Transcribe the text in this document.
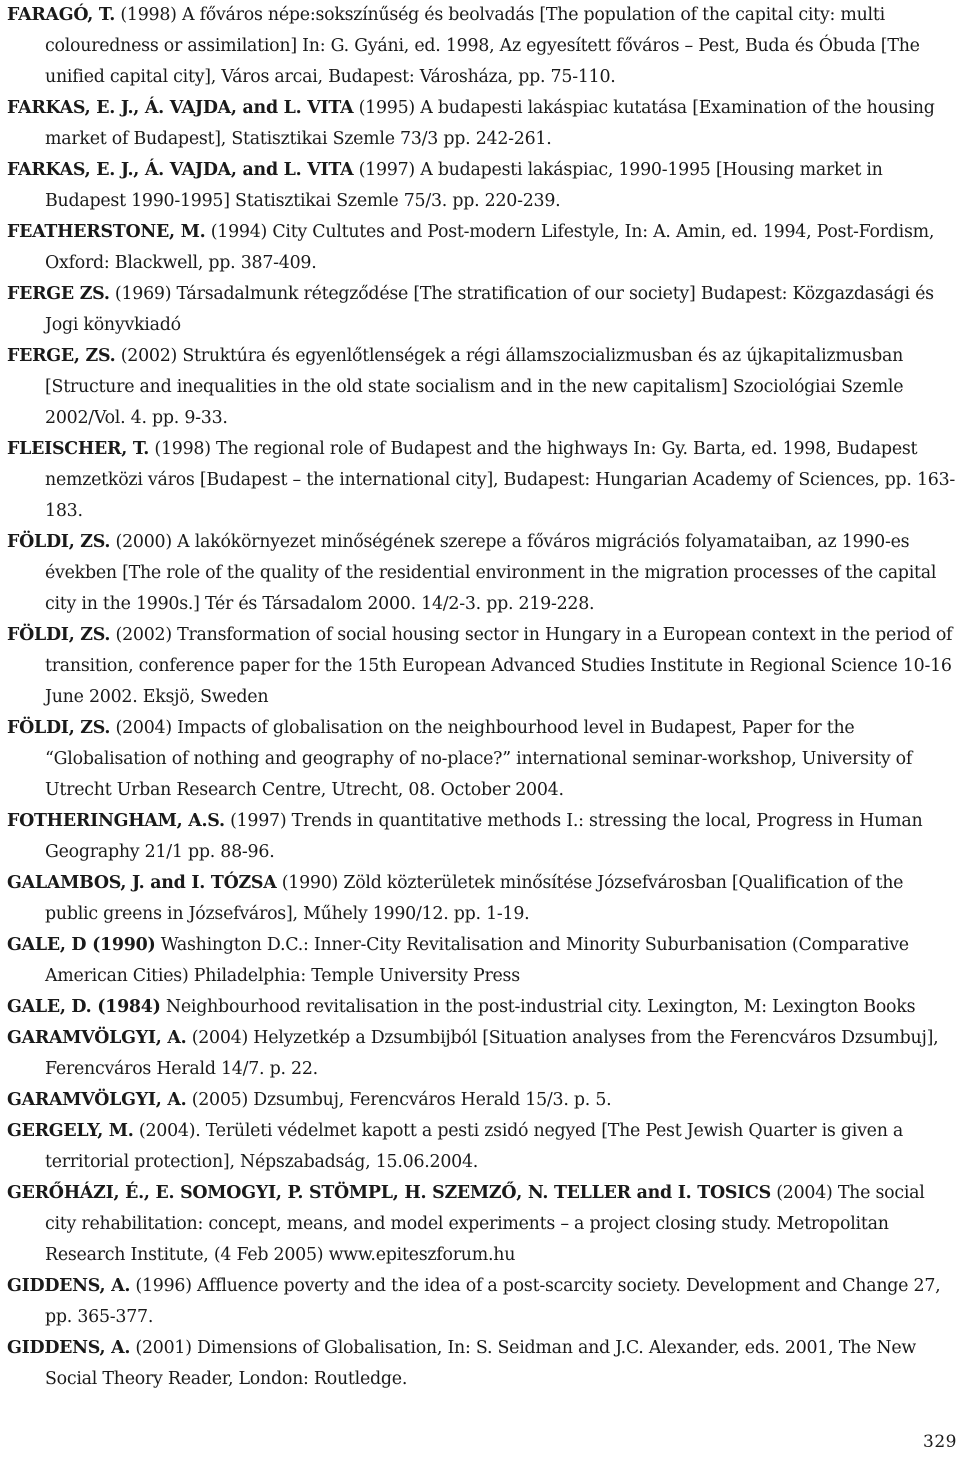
FARAGÓ, T. (1998) A főváros népe:sokszínűség és beolvadás [The population of the capital city: multi colouredness or assimilation] In: G. Gyáni, ed. 1998, Az egyesített főváros – Pest, Buda és Óbuda [The unified capital city], Város arcai, Budapest: Városháza, pp. 75-110.

FARKAS, E. J., Á. VAJDA, and L. VITA (1995) A budapesti lakáspiac kutatása [Examination of the housing market of Budapest], Statisztikai Szemle 73/3 pp. 242-261.

FARKAS, E. J., Á. VAJDA, and L. VITA (1997) A budapesti lakáspiac, 1990-1995 [Housing market in Budapest 1990-1995] Statisztikai Szemle 75/3. pp. 220-239.

FEATHERSTONE, M. (1994) City Cultutes and Post-modern Lifestyle, In: A. Amin, ed. 1994, Post-Fordism, Oxford: Blackwell, pp. 387-409.

FERGE ZS. (1969) Társadalmunk rétegződése [The stratification of our society] Budapest: Közgazdasági és Jogi könyvkiadó

FERGE, ZS. (2002) Struktúra és egyenlőtlenségek a régi államszocializmusban és az újkapitalizmusban [Structure and inequalities in the old state socialism and in the new capitalism] Szociológiai Szemle 2002/Vol. 4. pp. 9-33.

FLEISCHER, T. (1998) The regional role of Budapest and the highways In: Gy. Barta, ed. 1998, Budapest nemzetközi város [Budapest – the international city], Budapest: Hungarian Academy of Sciences, pp. 163-183.

FÖLDI, ZS. (2000) A lakókörnyezet minőségének szerepe a főváros migrációs folyamataiban, az 1990-es években [The role of the quality of the residential environment in the migration processes of the capital city in the 1990s.] Tér és Társadalom 2000. 14/2-3. pp. 219-228.

FÖLDI, ZS. (2002) Transformation of social housing sector in Hungary in a European context in the period of transition, conference paper for the 15th European Advanced Studies Institute in Regional Science 10-16 June 2002. Eksjö, Sweden

FÖLDI, ZS. (2004) Impacts of globalisation on the neighbourhood level in Budapest, Paper for the “Globalisation of nothing and geography of no-place?” international seminar-workshop, University of Utrecht Urban Research Centre, Utrecht, 08. October 2004.

FOTHERINGHAM, A.S. (1997) Trends in quantitative methods I.: stressing the local, Progress in Human Geography 21/1 pp. 88-96.

GALAMBOS, J. and I. TÓZSA (1990) Zöld közterületek minősítése Józsefvárosban [Qualification of the public greens in Józsefváros], Műhely 1990/12. pp. 1-19.

GALE, D (1990) Washington D.C.: Inner-City Revitalisation and Minority Suburbanisation (Comparative American Cities) Philadelphia: Temple University Press

GALE, D. (1984) Neighbourhood revitalisation in the post-industrial city. Lexington, M: Lexington Books

GARAMVÖLGYI, A. (2004) Helyzetkép a Dzsumbijból [Situation analyses from the Ferencváros Dzsumbuj], Ferencváros Herald 14/7. p. 22.

GARAMVÖLGYI, A. (2005) Dzsumbuj, Ferencváros Herald 15/3. p. 5.

GERGELY, M. (2004). Területi védelmet kapott a pesti zsidó negyed [The Pest Jewish Quarter is given a territorial protection], Népszabadság, 15.06.2004.

GERŐHÁZI, É., E. SOMOGYI, P. STÖMPL, H. SZEMZŐ, N. TELLER and I. TOSICS (2004) The social city rehabilitation: concept, means, and model experiments – a project closing study. Metropolitan Research Institute, (4 Feb 2005) www.epiteszforum.hu

GIDDENS, A. (1996) Affluence poverty and the idea of a post-scarcity society. Development and Change 27, pp. 365-377.

GIDDENS, A. (2001) Dimensions of Globalisation, In: S. Seidman and J.C. Alexander, eds. 2001, The New Social Theory Reader, London: Routledge.

329
